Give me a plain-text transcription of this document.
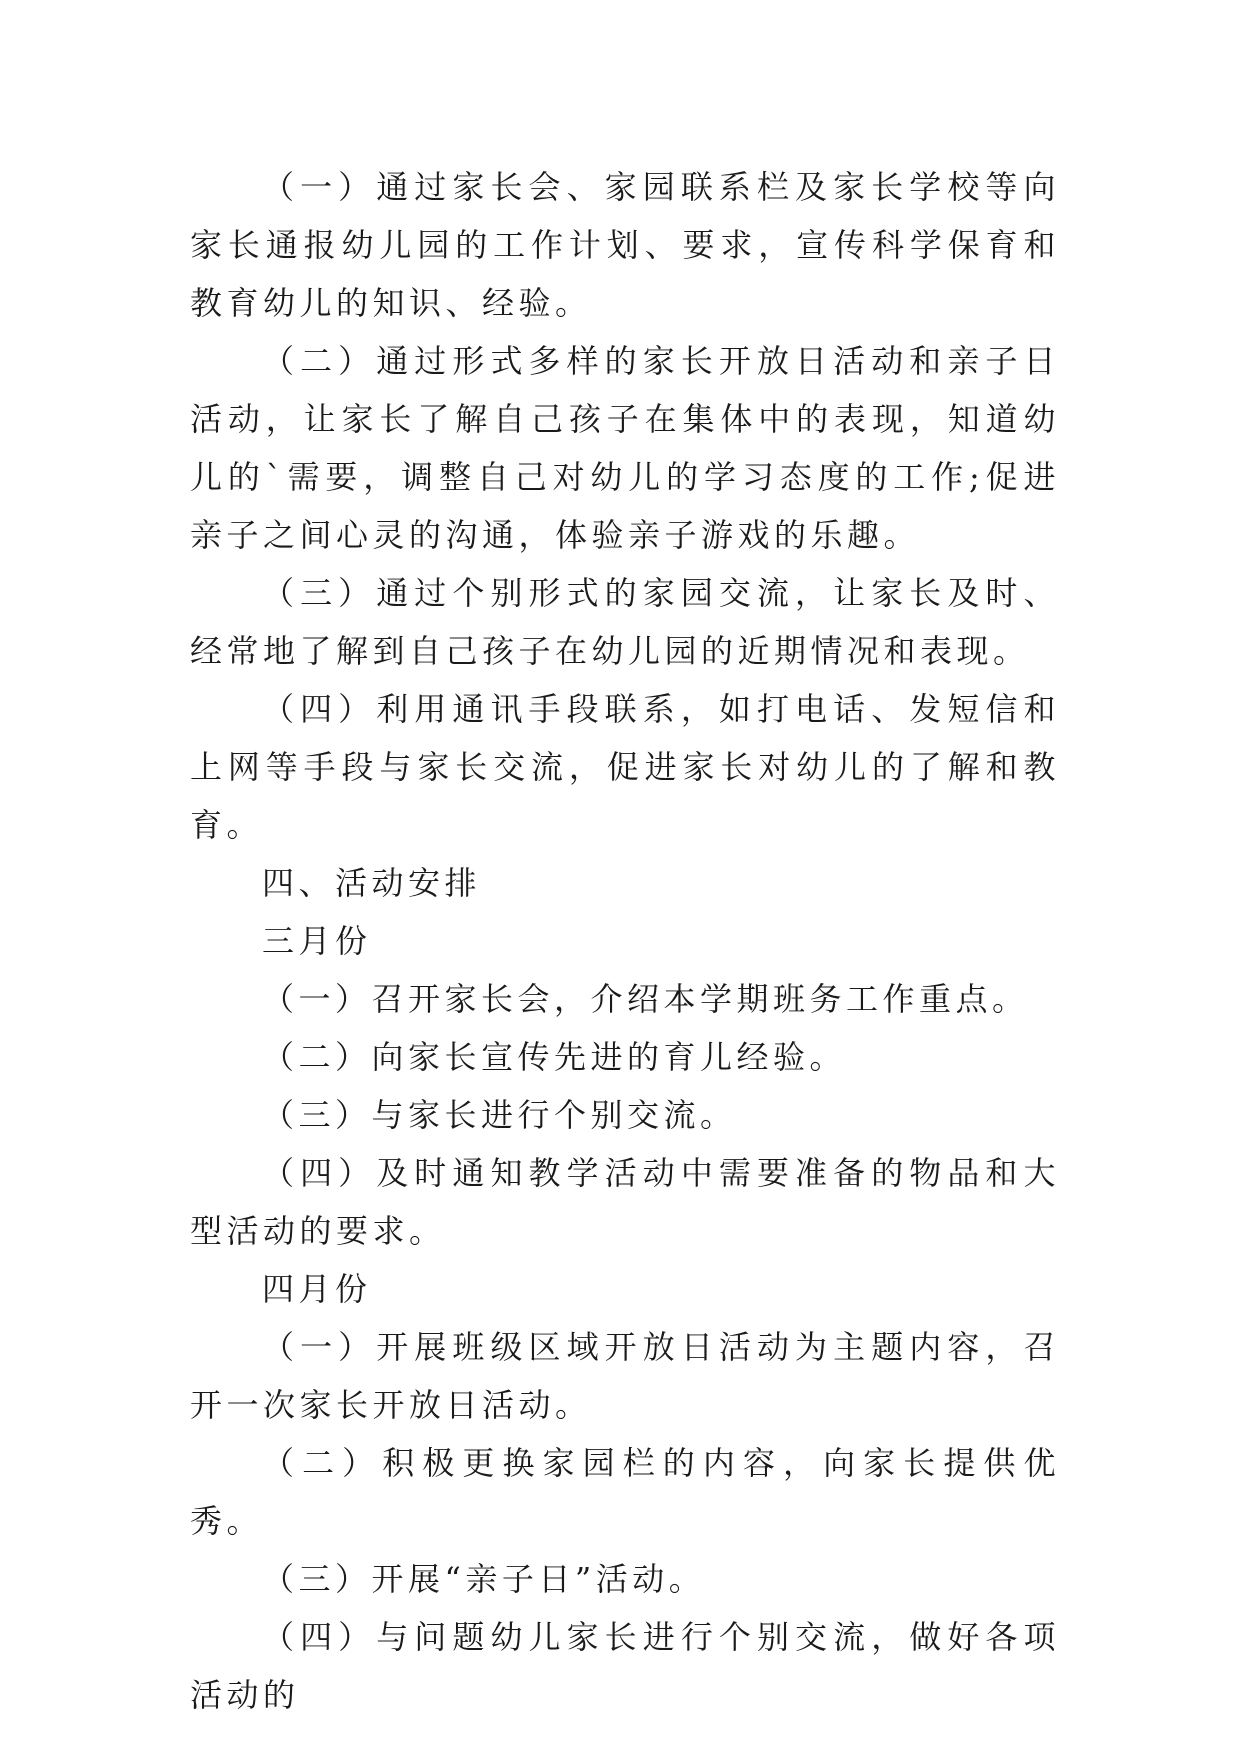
（一）通过家长会、家园联系栏及家长学校等向家长通报幼儿园的工作计划、要求，宣传科学保育和教育幼儿的知识、经验。

（二）通过形式多样的家长开放日活动和亲子日活动，让家长了解自己孩子在集体中的表现，知道幼儿的`需要，调整自己对幼儿的学习态度的工作;促进亲子之间心灵的沟通，体验亲子游戏的乐趣。

（三）通过个别形式的家园交流，让家长及时、经常地了解到自己孩子在幼儿园的近期情况和表现。

（四）利用通讯手段联系，如打电话、发短信和上网等手段与家长交流，促进家长对幼儿的了解和教育。

四、活动安排

三月份

（一）召开家长会，介绍本学期班务工作重点。

（二）向家长宣传先进的育儿经验。

（三）与家长进行个别交流。

（四）及时通知教学活动中需要准备的物品和大型活动的要求。

四月份

（一）开展班级区域开放日活动为主题内容，召开一次家长开放日活动。

（二）积极更换家园栏的内容，向家长提供优秀。

（三）开展“亲子日”活动。

（四）与问题幼儿家长进行个别交流，做好各项活动的
